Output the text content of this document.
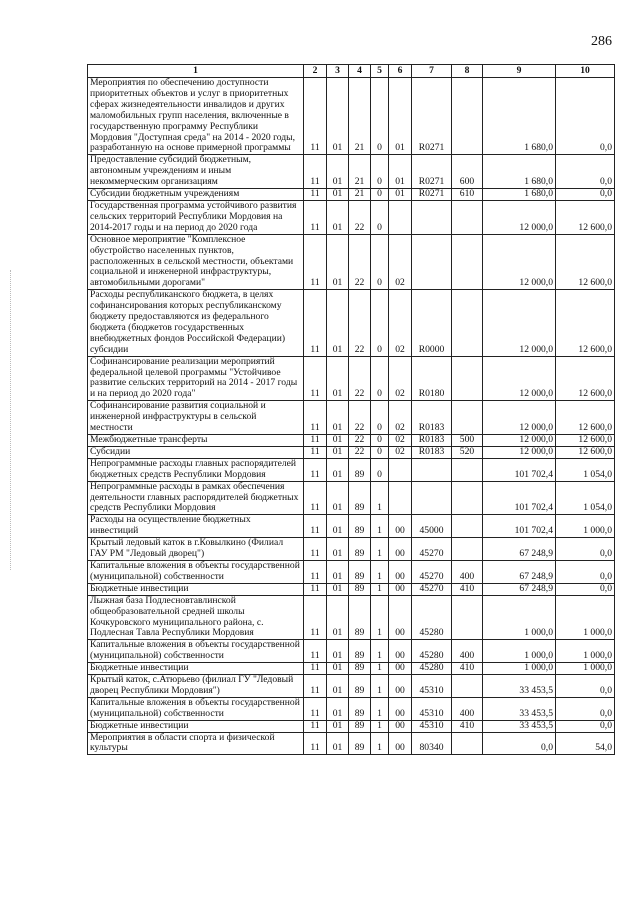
286
1	2	3	4	5	6	7	8	9	10
Мероприятия по обеспечению доступности приоритетных объектов и услуг в приоритетных сферах жизнедеятельности инвалидов и других маломобильных групп населения, включенные в государственную программу Республики Мордовия "Доступная среда" на 2014 - 2020 годы, разработанную на основе примерной программы	11	01	21	0	01	R0271		1 680,0	0,0
Предоставление субсидий бюджетным, автономным учреждениям и иным некоммерческим организациям	11	01	21	0	01	R0271	600	1 680,0	0,0
Субсидии бюджетным учреждениям	11	01	21	0	01	R0271	610	1 680,0	0,0
Государственная программа устойчивого развития сельских территорий Республики Мордовия на 2014-2017 годы и на период до 2020 года	11	01	22	0				12 000,0	12 600,0
Основное мероприятие "Комплексное обустройство населенных пунктов, расположенных в сельской местности, объектами социальной и инженерной инфраструктуры, автомобильными дорогами"	11	01	22	0	02			12 000,0	12 600,0
Расходы республиканского бюджета, в целях софинансирования которых республиканскому бюджету предоставляются из федерального бюджета (бюджетов государственных внебюджетных фондов Российской Федерации) субсидии	11	01	22	0	02	R0000		12 000,0	12 600,0
Софинансирование реализации мероприятий федеральной целевой программы "Устойчивое развитие сельских территорий на 2014 - 2017 годы и на период до 2020 года"	11	01	22	0	02	R0180		12 000,0	12 600,0
Софинансирование развития социальной и инженерной инфраструктуры в сельской местности	11	01	22	0	02	R0183		12 000,0	12 600,0
Межбюджетные трансферты	11	01	22	0	02	R0183	500	12 000,0	12 600,0
Субсидии	11	01	22	0	02	R0183	520	12 000,0	12 600,0
Непрограммные расходы главных распорядителей бюджетных средств Республики Мордовия	11	01	89	0				101 702,4	1 054,0
Непрограммные расходы в рамках обеспечения деятельности главных распорядителей бюджетных средств Республики Мордовия	11	01	89	1				101 702,4	1 054,0
Расходы на осуществление бюджетных инвестиций	11	01	89	1	00	45000		101 702,4	1 000,0
Крытый ледовый каток в г.Ковылкино (Филиал ГАУ РМ "Ледовый дворец")	11	01	89	1	00	45270		67 248,9	0,0
Капитальные вложения в объекты государственной (муниципальной) собственности	11	01	89	1	00	45270	400	67 248,9	0,0
Бюджетные инвестиции	11	01	89	1	00	45270	410	67 248,9	0,0
Лыжная база Подлесновтавлинской общеобразовательной средней школы Кочкуровского муниципального района, с. Подлесная Тавла Республики Мордовия	11	01	89	1	00	45280		1 000,0	1 000,0
Капитальные вложения в объекты государственной (муниципальной) собственности	11	01	89	1	00	45280	400	1 000,0	1 000,0
Бюджетные инвестиции	11	01	89	1	00	45280	410	1 000,0	1 000,0
Крытый каток, с.Атюрьево (филиал ГУ "Ледовый дворец Республики Мордовия")	11	01	89	1	00	45310		33 453,5	0,0
Капитальные вложения в объекты государственной (муниципальной) собственности	11	01	89	1	00	45310	400	33 453,5	0,0
Бюджетные инвестиции	11	01	89	1	00	45310	410	33 453,5	0,0
Мероприятия в области спорта и физической культуры	11	01	89	1	00	80340		0,0	54,0
